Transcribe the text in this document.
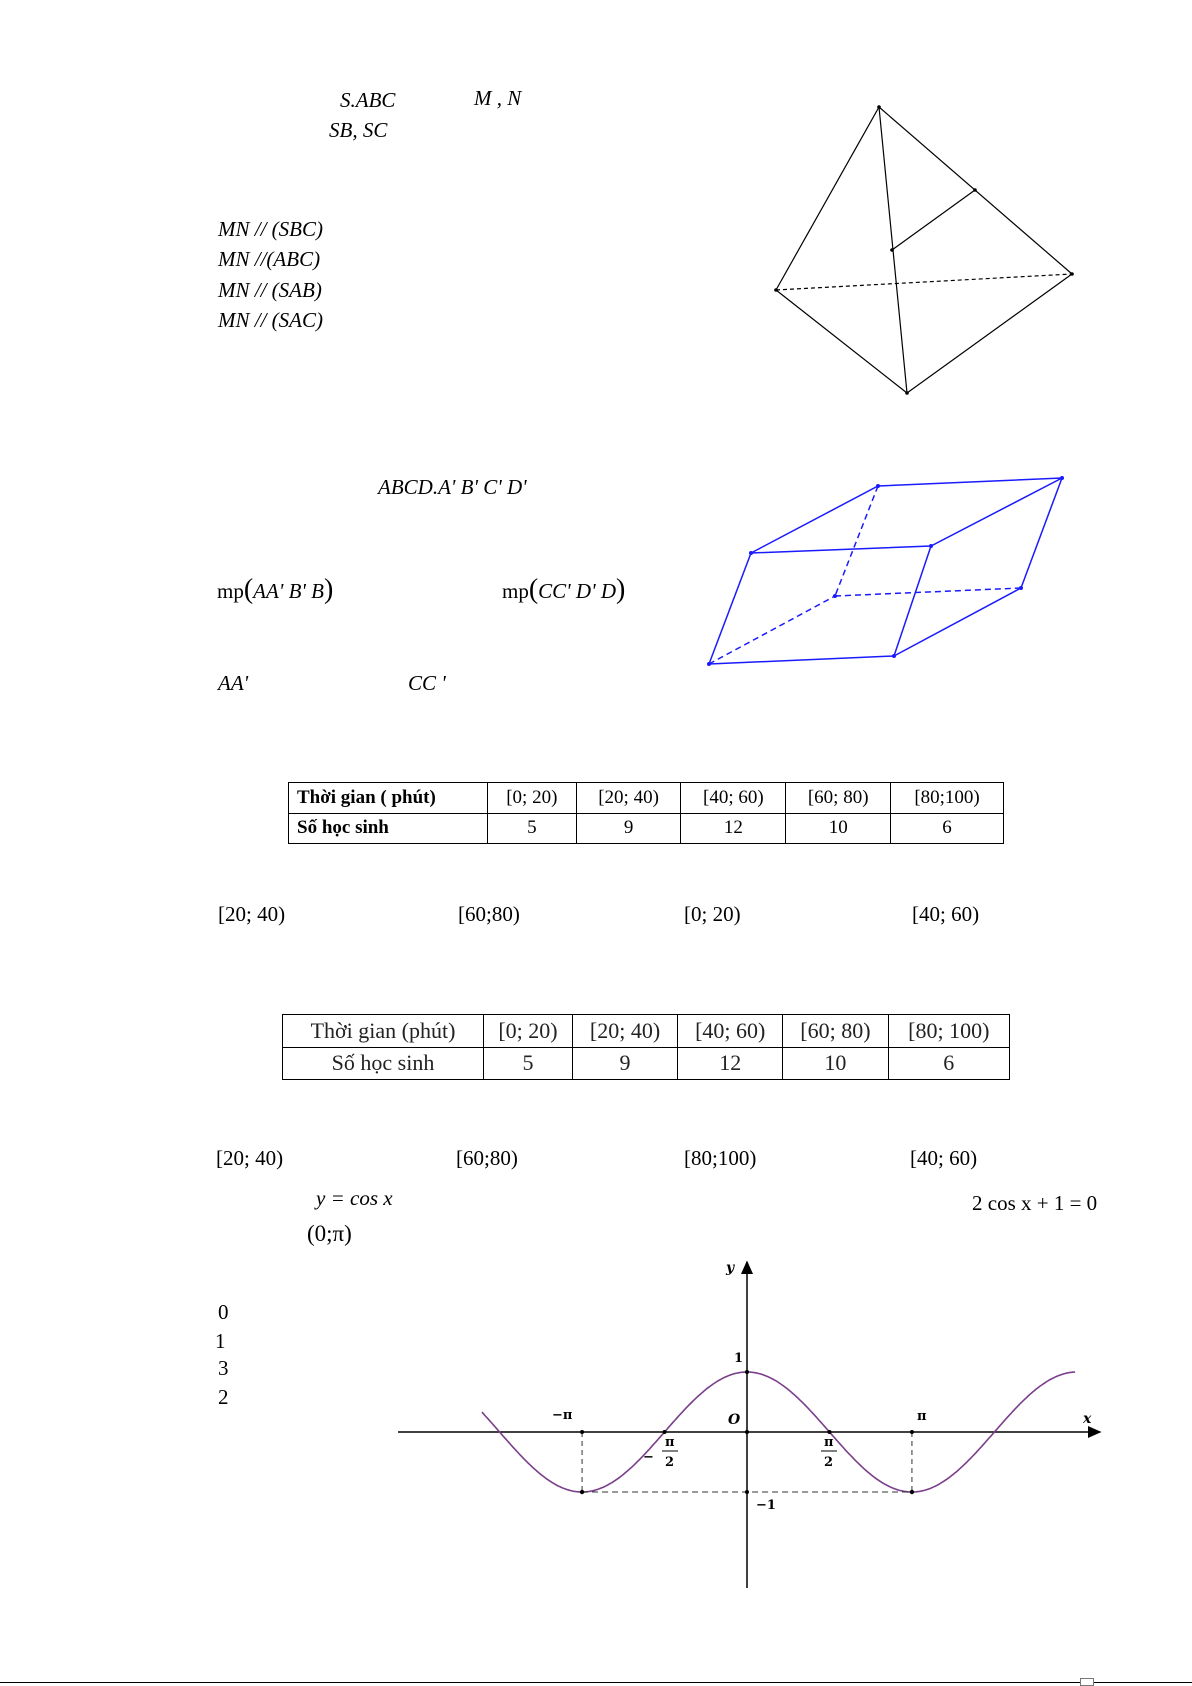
S.ABC	M , N
SB, SC
MN // (SBC)
MN //(ABC)
MN // (SAB)
MN // (SAC)
ABCD.A' B' C' D'
mp(AA' B' B)	mp(CC' D' D)
AA'	CC '
Thời gian ( phút)	[0; 20)	[20; 40)	[40; 60)	[60; 80)	[80;100)
Số học sinh	5	9	12	10	6
[20; 40)	[60;80)	[0; 20)	[40; 60)
Thời gian (phút)	[0; 20)	[20; 40)	[40; 60)	[60; 80)	[80; 100)
Số học sinh	5	9	12	10	6
[20; 40)	[60;80)	[80;100)	[40; 60)
y = cos x	2 cos x + 1 = 0
(0;π)
0
1
3
2
y
x
O
1
−1
−π	π
−
π
2
π
2
